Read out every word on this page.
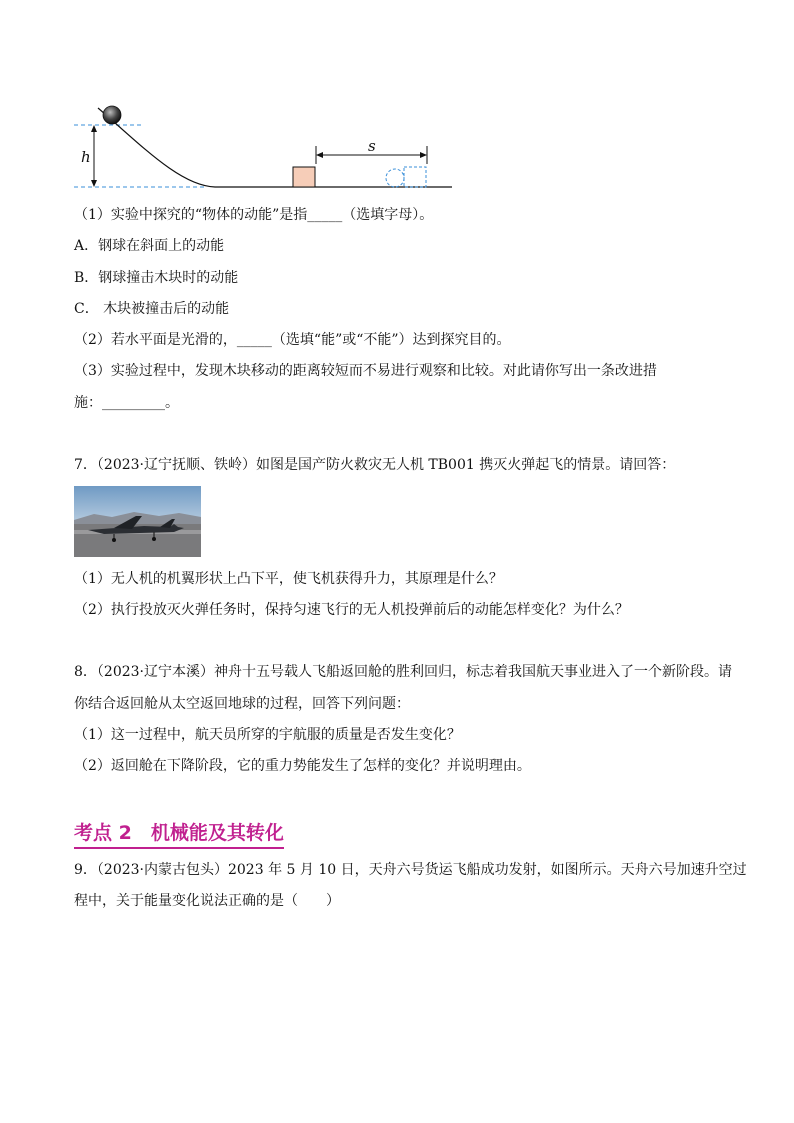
h
s
（1）实验中探究的“物体的动能”是指_____（选填字母）。
A．钢球在斜面上的动能
B．钢球撞击木块时的动能
C． 木块被撞击后的动能
（2）若水平面是光滑的，_____（选填“能”或“不能”）达到探究目的。
（3）实验过程中，发现木块移动的距离较短而不易进行观察和比较。对此请你写出一条改进措
施：_________。
7．（2023·辽宁抚顺、铁岭）如图是国产防火救灾无人机 TB001 携灭火弹起飞的情景。请回答：
（1）无人机的机翼形状上凸下平，使飞机获得升力，其原理是什么？
（2）执行投放灭火弹任务时，保持匀速飞行的无人机投弹前后的动能怎样变化？为什么？
8．（2023·辽宁本溪）神舟十五号载人飞船返回舱的胜利回归，标志着我国航天事业进入了一个新阶段。请
你结合返回舱从太空返回地球的过程，回答下列问题：
（1）这一过程中，航天员所穿的宇航服的质量是否发生变化？
（2）返回舱在下降阶段，它的重力势能发生了怎样的变化？并说明理由。
考点 2　机械能及其转化
9．（2023·内蒙古包头）2023 年 5 月 10 日，天舟六号货运飞船成功发射，如图所示。天舟六号加速升空过
程中，关于能量变化说法正确的是（　　）
